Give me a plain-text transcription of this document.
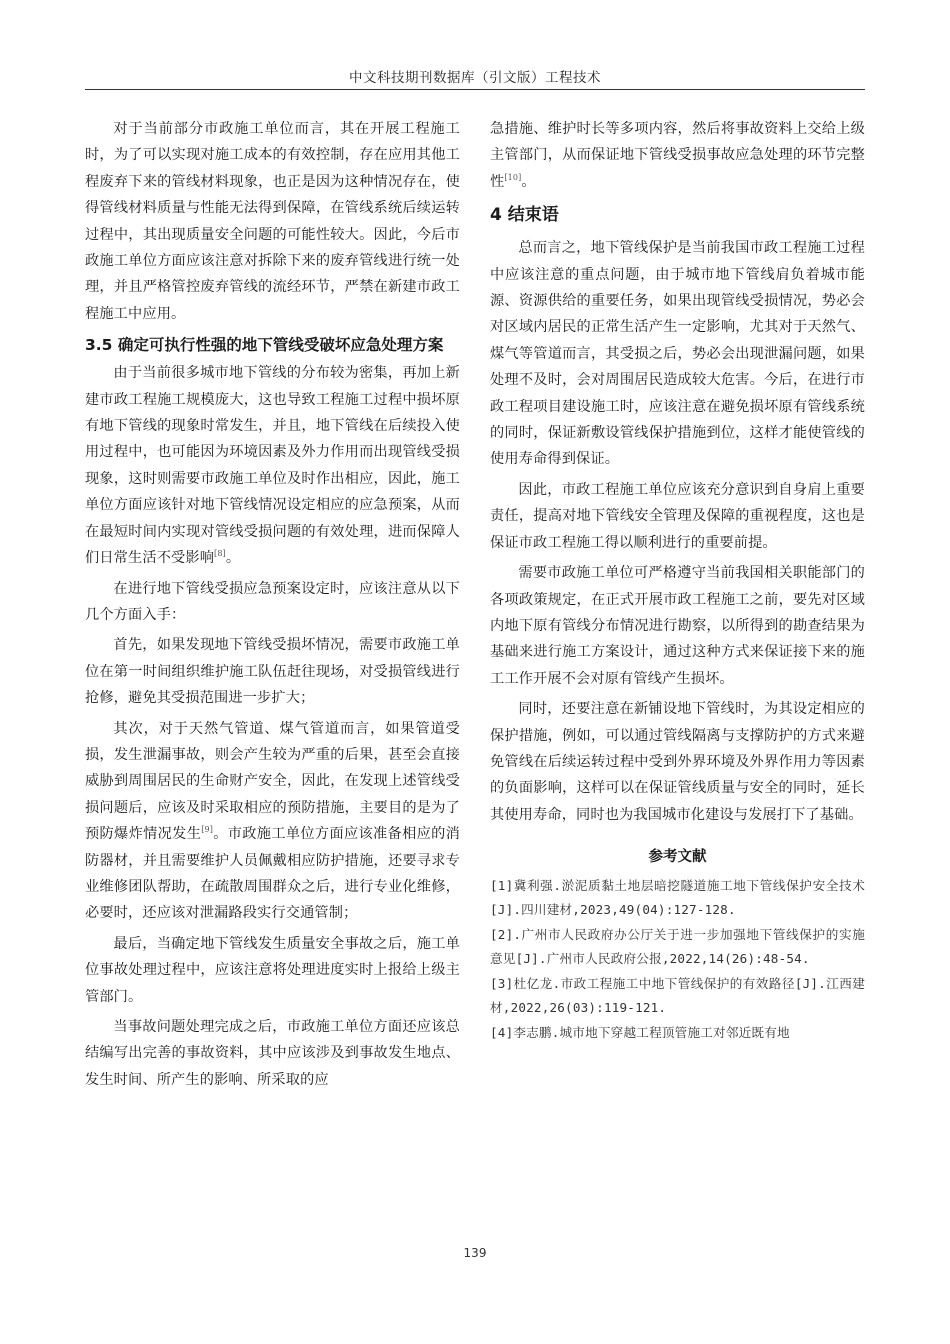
中文科技期刊数据库（引文版）工程技术

对于当前部分市政施工单位而言，其在开展工程施工时，为了可以实现对施工成本的有效控制，存在应用其他工程废弃下来的管线材料现象，也正是因为这种情况存在，使得管线材料质量与性能无法得到保障，在管线系统后续运转过程中，其出现质量安全问题的可能性较大。因此，今后市政施工单位方面应该注意对拆除下来的废弃管线进行统一处理，并且严格管控废弃管线的流经环节，严禁在新建市政工程施工中应用。

3.5 确定可执行性强的地下管线受破坏应急处理方案

由于当前很多城市地下管线的分布较为密集，再加上新建市政工程施工规模庞大，这也导致工程施工过程中损坏原有地下管线的现象时常发生，并且，地下管线在后续投入使用过程中，也可能因为环境因素及外力作用而出现管线受损现象，这时则需要市政施工单位及时作出相应，因此，施工单位方面应该针对地下管线情况设定相应的应急预案，从而在最短时间内实现对管线受损问题的有效处理，进而保障人们日常生活不受影响[8]。

在进行地下管线受损应急预案设定时，应该注意从以下几个方面入手：

首先，如果发现地下管线受损坏情况，需要市政施工单位在第一时间组织维护施工队伍赶往现场，对受损管线进行抢修，避免其受损范围进一步扩大；

其次，对于天然气管道、煤气管道而言，如果管道受损，发生泄漏事故，则会产生较为严重的后果，甚至会直接威胁到周围居民的生命财产安全，因此，在发现上述管线受损问题后，应该及时采取相应的预防措施，主要目的是为了预防爆炸情况发生[9]。市政施工单位方面应该准备相应的消防器材，并且需要维护人员佩戴相应防护措施，还要寻求专业维修团队帮助，在疏散周围群众之后，进行专业化维修，必要时，还应该对泄漏路段实行交通管制；

最后，当确定地下管线发生质量安全事故之后，施工单位事故处理过程中，应该注意将处理进度实时上报给上级主管部门。

当事故问题处理完成之后，市政施工单位方面还应该总结编写出完善的事故资料，其中应该涉及到事故发生地点、发生时间、所产生的影响、所采取的应

急措施、维护时长等多项内容，然后将事故资料上交给上级主管部门，从而保证地下管线受损事故应急处理的环节完整性[10]。

4 结束语

总而言之，地下管线保护是当前我国市政工程施工过程中应该注意的重点问题，由于城市地下管线肩负着城市能源、资源供给的重要任务，如果出现管线受损情况，势必会对区域内居民的正常生活产生一定影响，尤其对于天然气、煤气等管道而言，其受损之后，势必会出现泄漏问题，如果处理不及时，会对周围居民造成较大危害。今后，在进行市政工程项目建设施工时，应该注意在避免损坏原有管线系统的同时，保证新敷设管线保护措施到位，这样才能使管线的使用寿命得到保证。

因此，市政工程施工单位应该充分意识到自身肩上重要责任，提高对地下管线安全管理及保障的重视程度，这也是保证市政工程施工得以顺利进行的重要前提。

需要市政施工单位可严格遵守当前我国相关职能部门的各项政策规定，在正式开展市政工程施工之前，要先对区域内地下原有管线分布情况进行勘察，以所得到的勘查结果为基础来进行施工方案设计，通过这种方式来保证接下来的施工工作开展不会对原有管线产生损坏。

同时，还要注意在新铺设地下管线时，为其设定相应的保护措施，例如，可以通过管线隔离与支撑防护的方式来避免管线在后续运转过程中受到外界环境及外界作用力等因素的负面影响，这样可以在保证管线质量与安全的同时，延长其使用寿命，同时也为我国城市化建设与发展打下了基础。

参考文献

[1]冀利强.淤泥质黏土地层暗挖隧道施工地下管线保护安全技术[J].四川建材,2023,49(04):127-128.

[2].广州市人民政府办公厅关于进一步加强地下管线保护的实施意见[J].广州市人民政府公报,2022,14(26):48-54.

[3]杜亿龙.市政工程施工中地下管线保护的有效路径[J].江西建材,2022,26(03):119-121.

[4]李志鹏.城市地下穿越工程顶管施工对邻近既有地

139
